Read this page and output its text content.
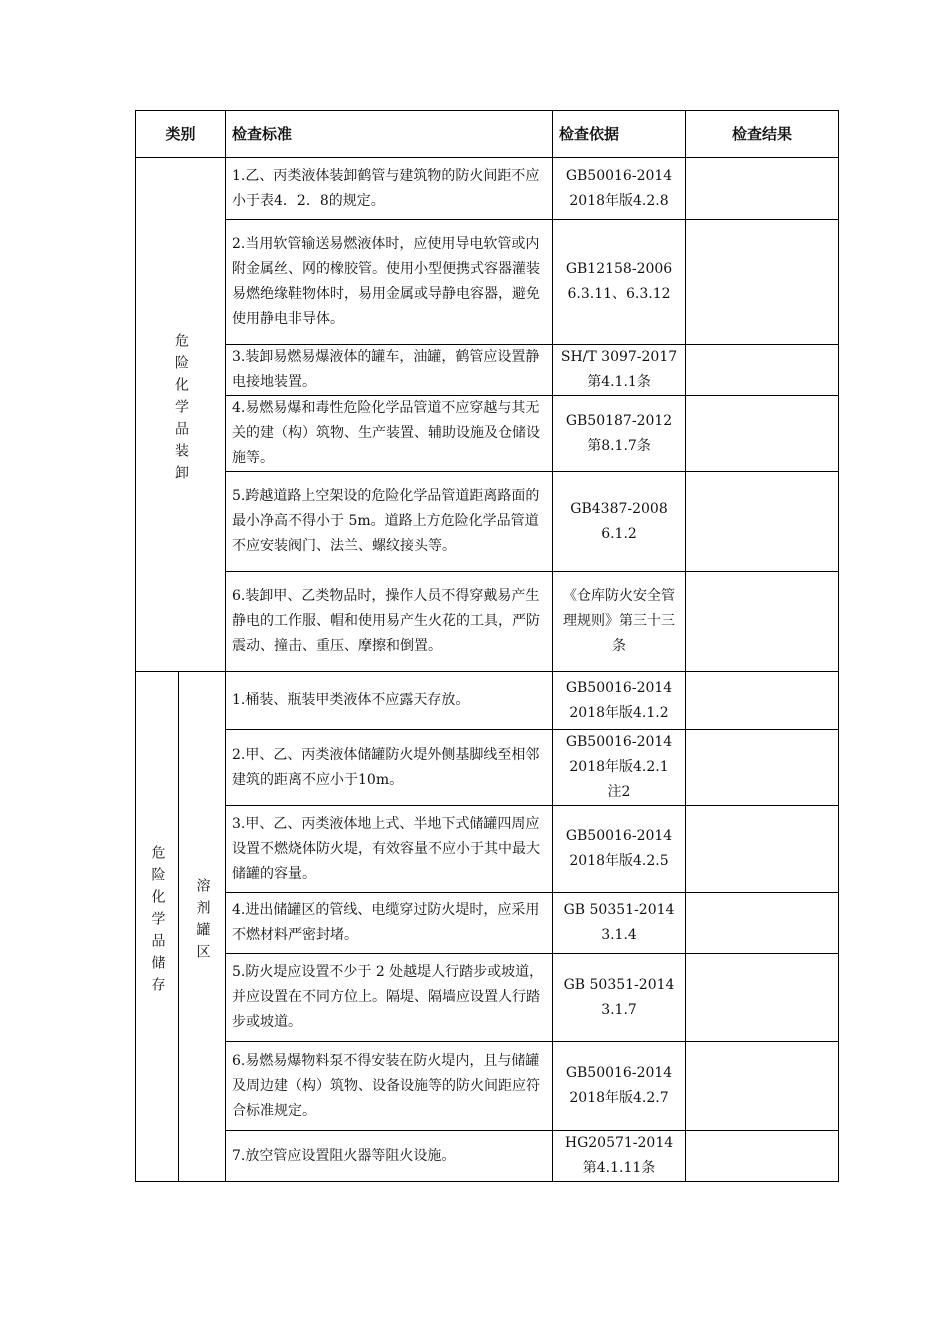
类别		检查标准	检查依据	检查结果
危险化学品装卸		1.乙、丙类液体装卸鹤管与建筑物的防火间距不应小于表4．2．8的规定。	GB50016-2014
2018年版4.2.8	
		2.当用软管输送易燃液体时，应使用导电软管或内附金属丝、网的橡胶管。使用小型便携式容器灌装易燃绝缘鞋物体时，易用金属或导静电容器，避免使用静电非导体。	GB12158-2006
6.3.11、6.3.12	
		3.装卸易燃易爆液体的罐车，油罐，鹤管应设置静电接地装置。	SH/T 3097-2017
第4.1.1条	
		4.易燃易爆和毒性危险化学品管道不应穿越与其无关的建（构）筑物、生产装置、辅助设施及仓储设施等。	GB50187-2012
第8.1.7条	
		5.跨越道路上空架设的危险化学品管道距离路面的最小净高不得小于 5m。道路上方危险化学品管道不应安装阀门、法兰、螺纹接头等。	GB4387-2008
6.1.2	
		6.装卸甲、乙类物品时，操作人员不得穿戴易产生静电的工作服、帽和使用易产生火花的工具，严防震动、撞击、重压、摩擦和倒置。	《仓库防火安全管理规则》第三十三条	
危险化学品储存	溶剂罐区	1.桶装、瓶装甲类液体不应露天存放。	GB50016-2014
2018年版4.1.2	
		2.甲、乙、丙类液体储罐防火堤外侧基脚线至相邻建筑的距离不应小于10m。	GB50016-2014
2018年版4.2.1
注2	
		3.甲、乙、丙类液体地上式、半地下式储罐四周应设置不燃烧体防火堤，有效容量不应小于其中最大储罐的容量。	GB50016-2014
2018年版4.2.5	
		4.进出储罐区的管线、电缆穿过防火堤时，应采用不燃材料严密封堵。	GB 50351-2014
3.1.4	
		5.防火堤应设置不少于 2 处越堤人行踏步或坡道，并应设置在不同方位上。隔堤、隔墙应设置人行踏步或坡道。	GB 50351-2014
3.1.7	
		6.易燃易爆物料泵不得安装在防火堤内，且与储罐及周边建（构）筑物、设备设施等的防火间距应符合标准规定。	GB50016-2014
2018年版4.2.7	
		7.放空管应设置阻火器等阻火设施。	HG20571-2014
第4.1.11条	
